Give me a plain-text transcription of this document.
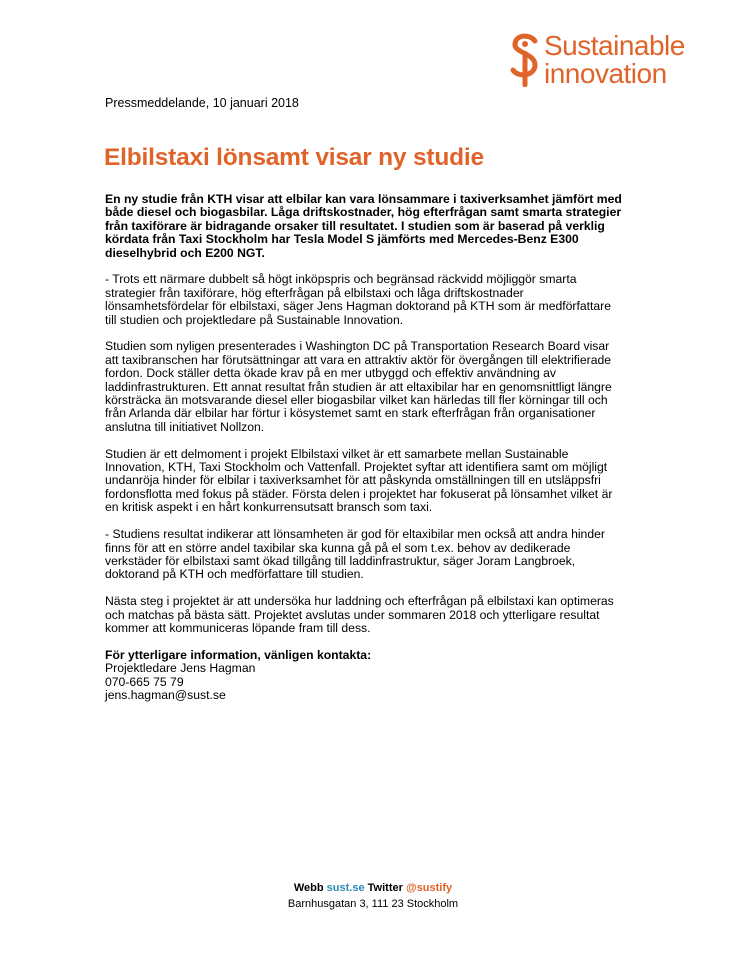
Sustainable
innovation
Pressmeddelande, 10 januari 2018
Elbilstaxi lönsamt visar ny studie

En ny studie från KTH visar att elbilar kan vara lönsammare i taxiverksamhet jämfört med både diesel och biogasbilar. Låga driftskostnader, hög efterfrågan samt smarta strategier från taxiförare är bidragande orsaker till resultatet. I studien som är baserad på verklig kördata från Taxi Stockholm har Tesla Model S jämförts med Mercedes-Benz E300 dieselhybrid och E200 NGT.

- Trots ett närmare dubbelt så högt inköpspris och begränsad räckvidd möjliggör smarta strategier från taxiförare, hög efterfrågan på elbilstaxi och låga driftskostnader lönsamhetsfördelar för elbilstaxi, säger Jens Hagman doktorand på KTH som är medförfattare till studien och projektledare på Sustainable Innovation.

Studien som nyligen presenterades i Washington DC på Transportation Research Board visar att taxibranschen har förutsättningar att vara en attraktiv aktör för övergången till elektrifierade fordon. Dock ställer detta ökade krav på en mer utbyggd och effektiv användning av laddinfrastrukturen. Ett annat resultat från studien är att eltaxibilar har en genomsnittligt längre körsträcka än motsvarande diesel eller biogasbilar vilket kan härledas till fler körningar till och från Arlanda där elbilar har förtur i kösystemet samt en stark efterfrågan från organisationer anslutna till initiativet Nollzon.

Studien är ett delmoment i projekt Elbilstaxi vilket är ett samarbete mellan Sustainable Innovation, KTH, Taxi Stockholm och Vattenfall. Projektet syftar att identifiera samt om möjligt undanröja hinder för elbilar i taxiverksamhet för att påskynda omställningen till en utsläppsfri fordonsflotta med fokus på städer. Första delen i projektet har fokuserat på lönsamhet vilket är en kritisk aspekt i en hårt konkurrensutsatt bransch som taxi.

- Studiens resultat indikerar att lönsamheten är god för eltaxibilar men också att andra hinder finns för att en större andel taxibilar ska kunna gå på el som t.ex. behov av dedikerade verkstäder för elbilstaxi samt ökad tillgång till laddinfrastruktur, säger Joram Langbroek, doktorand på KTH och medförfattare till studien.

Nästa steg i projektet är att undersöka hur laddning och efterfrågan på elbilstaxi kan optimeras och matchas på bästa sätt. Projektet avslutas under sommaren 2018 och ytterligare resultat kommer att kommuniceras löpande fram till dess.

För ytterligare information, vänligen kontakta:
Projektledare Jens Hagman
070-665 75 79
jens.hagman@sust.se
Webb sust.se Twitter @sustify
Barnhusgatan 3, 111 23 Stockholm
